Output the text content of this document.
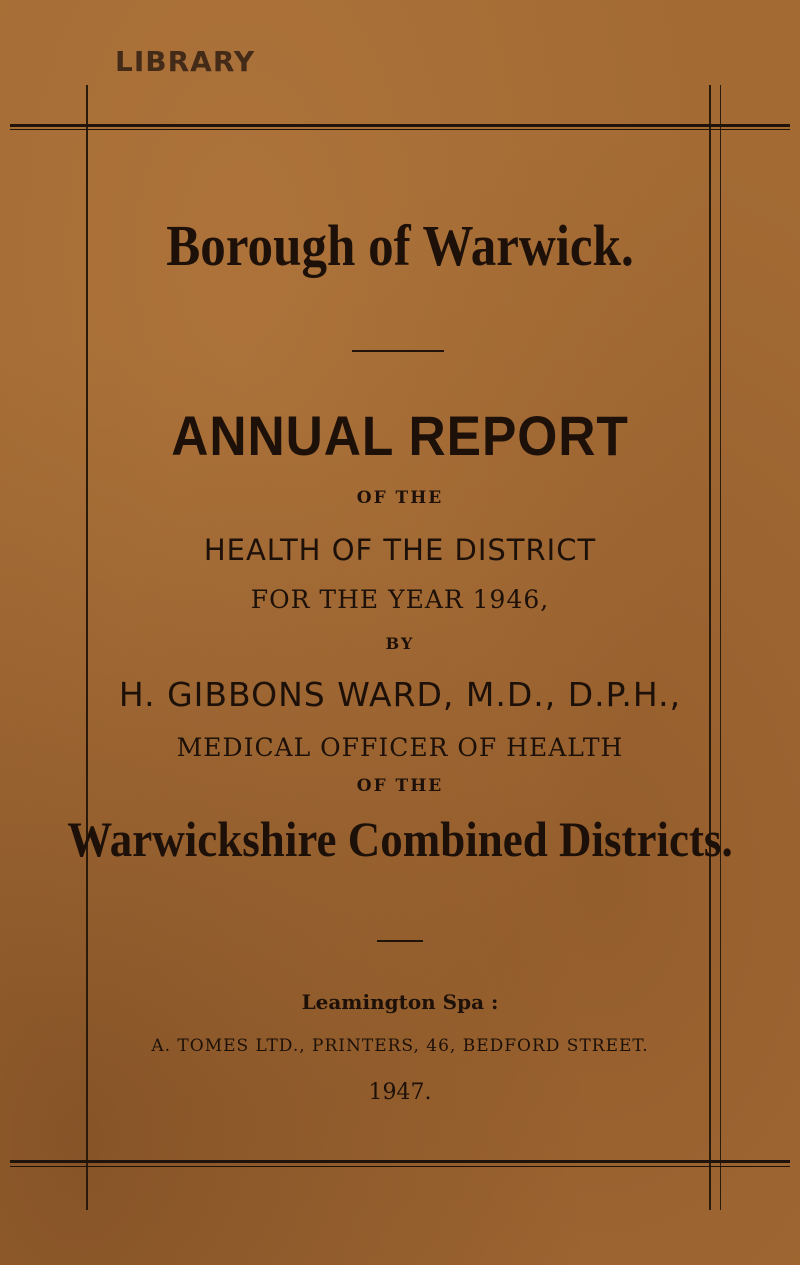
LIBRARY
Borough of Warwick.
ANNUAL REPORT
OF THE
HEALTH OF THE DISTRICT
FOR THE YEAR 1946,
BY
H. GIBBONS WARD, M.D., D.P.H.,
MEDICAL OFFICER OF HEALTH
OF THE
Warwickshire Combined Districts.
Leamington Spa :
A. TOMES LTD., PRINTERS, 46, BEDFORD STREET.
1947.
